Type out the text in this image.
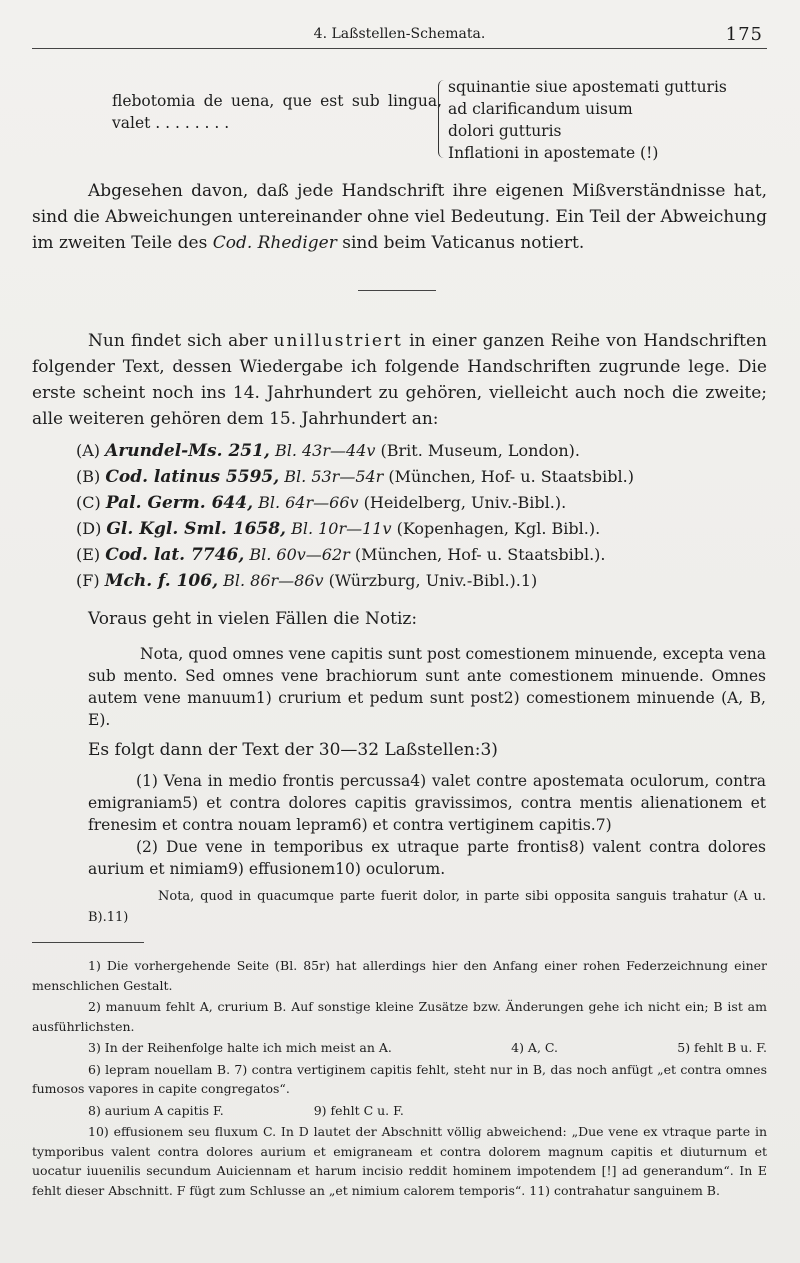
4. Laßstellen-Schemata.	175
flebotomia de uena, que est sub lingua, valet . . . . . . . .
squinantie siue apostemati gutturis
ad clarificandum uisum
dolori gutturis
Inflationi in apostemate (!)

Abgesehen davon, daß jede Handschrift ihre eigenen Mißverständnisse hat, sind die Abweichungen untereinander ohne viel Bedeutung. Ein Teil der Abweichung im zweiten Teile des Cod. Rhediger sind beim Vaticanus notiert.

Nun findet sich aber unillustriert in einer ganzen Reihe von Handschriften folgender Text, dessen Wiedergabe ich folgende Handschriften zugrunde lege. Die erste scheint noch ins 14. Jahrhundert zu gehören, vielleicht auch noch die zweite; alle weiteren gehören dem 15. Jahrhundert an:

(A) Arundel-Ms. 251, Bl. 43r—44v (Brit. Museum, London).
(B) Cod. latinus 5595, Bl. 53r—54r (München, Hof- u. Staatsbibl.)
(C) Pal. Germ. 644, Bl. 64r—66v (Heidelberg, Univ.-Bibl.).
(D) Gl. Kgl. Sml. 1658, Bl. 10r—11v (Kopenhagen, Kgl. Bibl.).
(E) Cod. lat. 7746, Bl. 60v—62r (München, Hof- u. Staatsbibl.).
(F) Mch. f. 106, Bl. 86r—86v (Würzburg, Univ.-Bibl.).1)
Voraus geht in vielen Fällen die Notiz:

Nota, quod omnes vene capitis sunt post comestionem minuende, excepta vena sub mento. Sed omnes vene brachiorum sunt ante comestionem minuende. Omnes autem vene manuum1) crurium et pedum sunt post2) comestionem minuende (A, B, E).

Es folgt dann der Text der 30—32 Laßstellen:3)

(1) Vena in medio frontis percussa4) valet contre apostemata oculorum, contra emigraniam5) et contra dolores capitis gravissimos, contra mentis alienationem et frenesim et contra nouam lepram6) et contra vertiginem capitis.7)

(2) Due vene in temporibus ex utraque parte frontis8) valent contra dolores aurium et nimiam9) effusionem10) oculorum.

Nota, quod in quacumque parte fuerit dolor, in parte sibi opposita sanguis trahatur (A u. B).11)

1) Die vorhergehende Seite (Bl. 85r) hat allerdings hier den Anfang einer rohen Federzeichnung einer menschlichen Gestalt.

2) manuum fehlt A, crurium B. Auf sonstige kleine Zusätze bzw. Änderungen gehe ich nicht ein; B ist am ausführlichsten.

3) In der Reihenfolge halte ich mich meist an A.	4) A, C.	5) fehlt B u. F.

6) lepram nouellam B. 7) contra vertiginem capitis fehlt, steht nur in B, das noch anfügt „et contra omnes fumosos vapores in capite congregatos“.

8) aurium A capitis F.	9) fehlt C u. F.

10) effusionem seu fluxum C. In D lautet der Abschnitt völlig abweichend: „Due vene ex vtraque parte in tymporibus valent contra dolores aurium et emigraneam et contra dolorem magnum capitis et diuturnum et uocatur iuuenilis secundum Auiciennam et harum incisio reddit hominem impotendem [!] ad generandum“. In E fehlt dieser Abschnitt. F fügt zum Schlusse an „et nimium calorem temporis“. 11) contrahatur sanguinem B.
